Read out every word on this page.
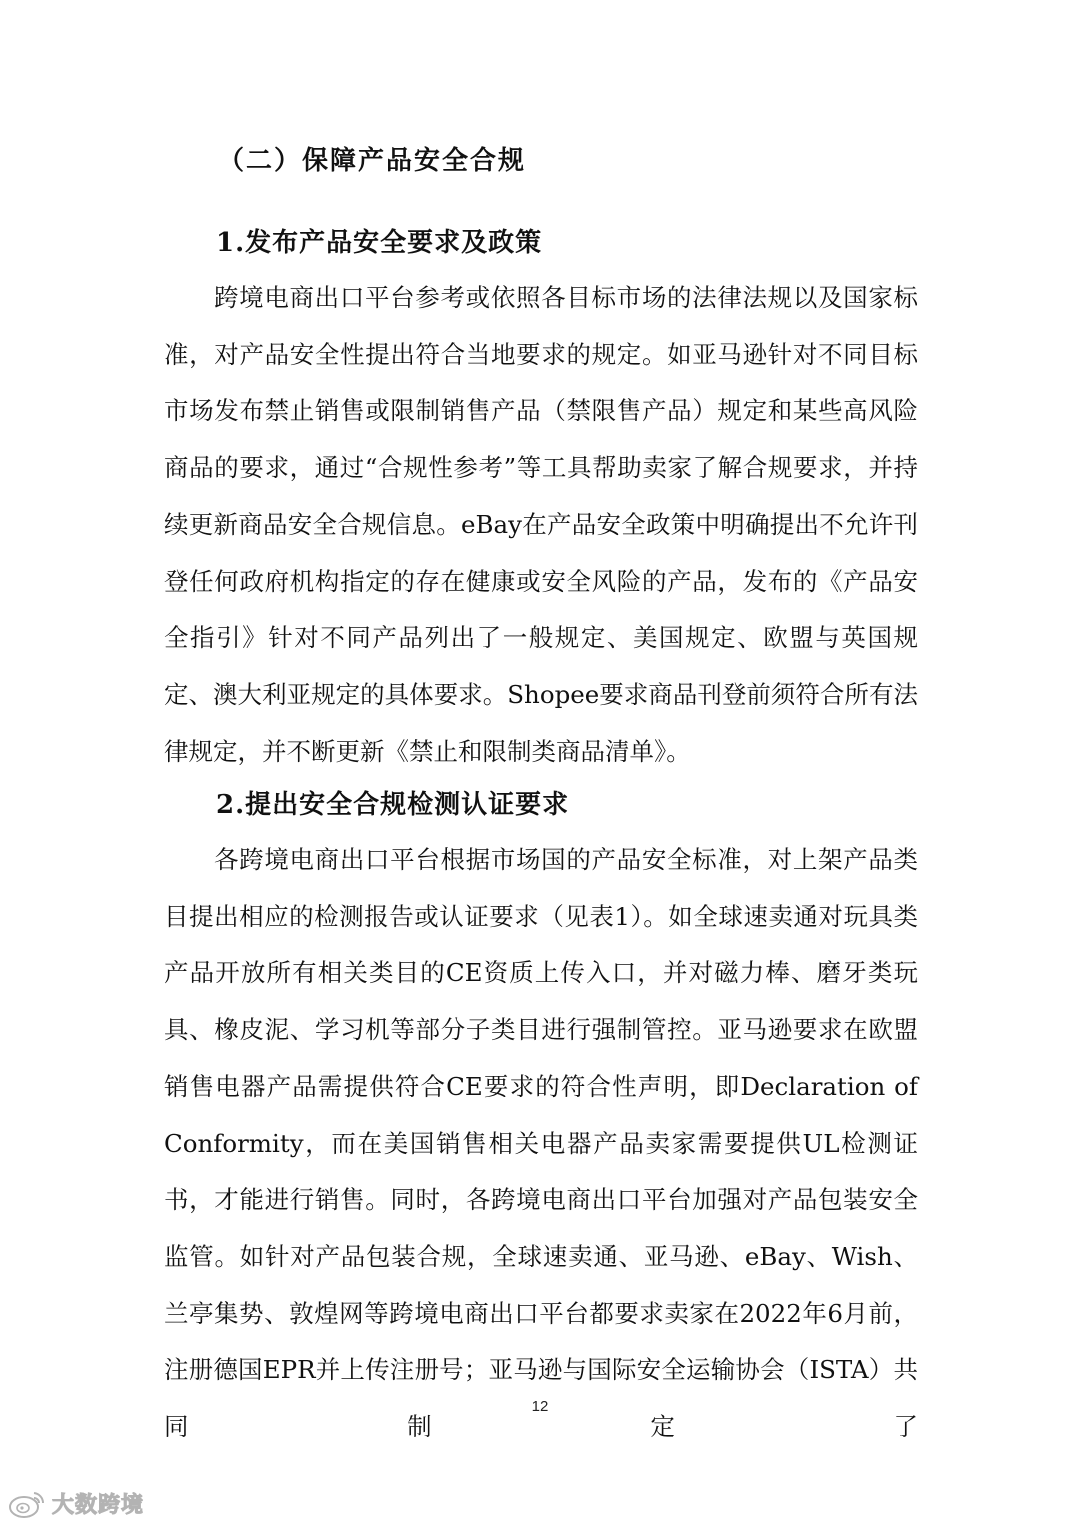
（二）保障产品安全合规
1.发布产品安全要求及政策

跨境电商出口平台参考或依照各目标市场的法律法规以及国家标准，对产品安全性提出符合当地要求的规定。如亚马逊针对不同目标市场发布禁止销售或限制销售产品（禁限售产品）规定和某些高风险商品的要求，通过“合规性参考”等工具帮助卖家了解合规要求，并持续更新商品安全合规信息。eBay在产品安全政策中明确提出不允许刊登任何政府机构指定的存在健康或安全风险的产品，发布的《产品安全指引》针对不同产品列出了一般规定、美国规定、欧盟与英国规定、澳大利亚规定的具体要求。Shopee要求商品刊登前须符合所有法律规定，并不断更新《禁止和限制类商品清单》。

2.提出安全合规检测认证要求

各跨境电商出口平台根据市场国的产品安全标准，对上架产品类目提出相应的检测报告或认证要求（见表1）。如全球速卖通对玩具类产品开放所有相关类目的CE资质上传入口，并对磁力棒、磨牙类玩具、橡皮泥、学习机等部分子类目进行强制管控。亚马逊要求在欧盟销售电器产品需提供符合CE要求的符合性声明，即Declaration of Conformity，而在美国销售相关电器产品卖家需要提供UL检测证书，才能进行销售。同时，各跨境电商出口平台加强对产品包装安全监管。如针对产品包装合规，全球速卖通、亚马逊、eBay、Wish、兰亭集势、敦煌网等跨境电商出口平台都要求卖家在2022年6月前，注册德国EPR并上传注册号；亚马逊与国际安全运输协会（ISTA）共同制定了

12
大数跨境
